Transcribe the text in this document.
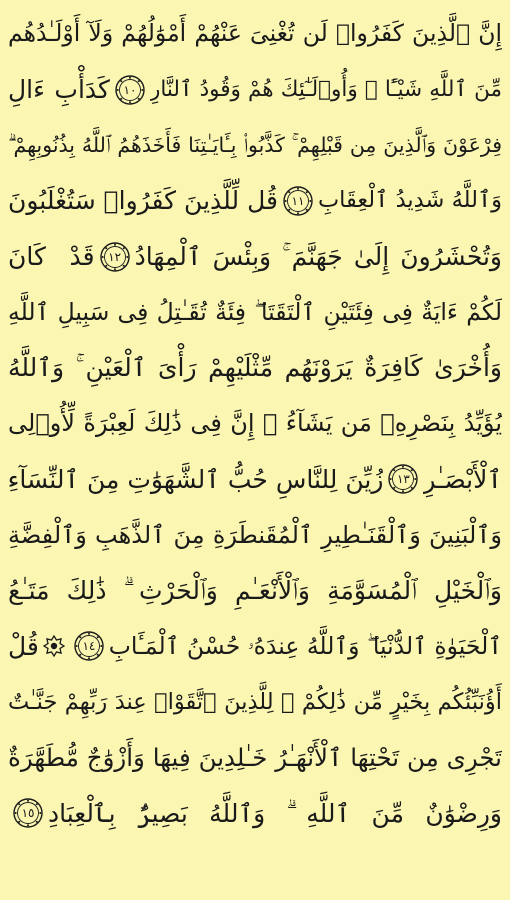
إِنَّ ٱلَّذِينَ كَفَرُوا۟ لَن تُغْنِىَ عَنْهُمْ أَمْوَٰلُهُمْ وَلَآ أَوْلَـٰدُهُم
مِّنَ ٱللَّهِ شَيْـًٔا ۖ وَأُو۟لَـٰٓئِكَ هُمْ وَقُودُ ٱلنَّارِ
١٠
كَدَأْبِ ءَالِ
فِرْعَوْنَ وَٱلَّذِينَ مِن قَبْلِهِمْ ۚ كَذَّبُوا۟ بِـَٔايَـٰتِنَا فَأَخَذَهُمُ ٱللَّهُ بِذُنُوبِهِمْ ۗ
وَٱللَّهُ شَدِيدُ ٱلْعِقَابِ
١١
قُل لِّلَّذِينَ كَفَرُوا۟ سَتُغْلَبُونَ
وَتُحْشَرُونَ إِلَىٰ جَهَنَّمَ ۚ وَبِئْسَ ٱلْمِهَادُ
١٢
قَدْ كَانَ
لَكُمْ ءَايَةٌ فِى فِئَتَيْنِ ٱلْتَقَتَا ۖ فِئَةٌ تُقَـٰتِلُ فِى سَبِيلِ ٱللَّهِ
وَأُخْرَىٰ كَافِرَةٌ يَرَوْنَهُم مِّثْلَيْهِمْ رَأْىَ ٱلْعَيْنِ ۚ وَٱللَّهُ
يُؤَيِّدُ بِنَصْرِهِۦ مَن يَشَآءُ ۗ إِنَّ فِى ذَٰلِكَ لَعِبْرَةً لِّأُو۟لِى
ٱلْأَبْصَـٰرِ
١٣
زُيِّنَ لِلنَّاسِ حُبُّ ٱلشَّهَوَٰتِ مِنَ ٱلنِّسَآءِ
وَٱلْبَنِينَ وَٱلْقَنَـٰطِيرِ ٱلْمُقَنطَرَةِ مِنَ ٱلذَّهَبِ وَٱلْفِضَّةِ
وَٱلْخَيْلِ ٱلْمُسَوَّمَةِ وَٱلْأَنْعَـٰمِ وَٱلْحَرْثِ ۗ ذَٰلِكَ مَتَـٰعُ
ٱلْحَيَوٰةِ ٱلدُّنْيَا ۖ وَٱللَّهُ عِندَهُۥ حُسْنُ ٱلْمَـَٔابِ
١٤
قُلْ
أَؤُنَبِّئُكُم بِخَيْرٍ مِّن ذَٰلِكُمْ ۚ لِلَّذِينَ ٱتَّقَوْا۟ عِندَ رَبِّهِمْ جَنَّـٰتٌ
تَجْرِى مِن تَحْتِهَا ٱلْأَنْهَـٰرُ خَـٰلِدِينَ فِيهَا وَأَزْوَٰجٌ مُّطَهَّرَةٌ
وَرِضْوَٰنٌ مِّنَ ٱللَّهِ ۗ وَٱللَّهُ بَصِيرٌۢ بِٱلْعِبَادِ
١٥
